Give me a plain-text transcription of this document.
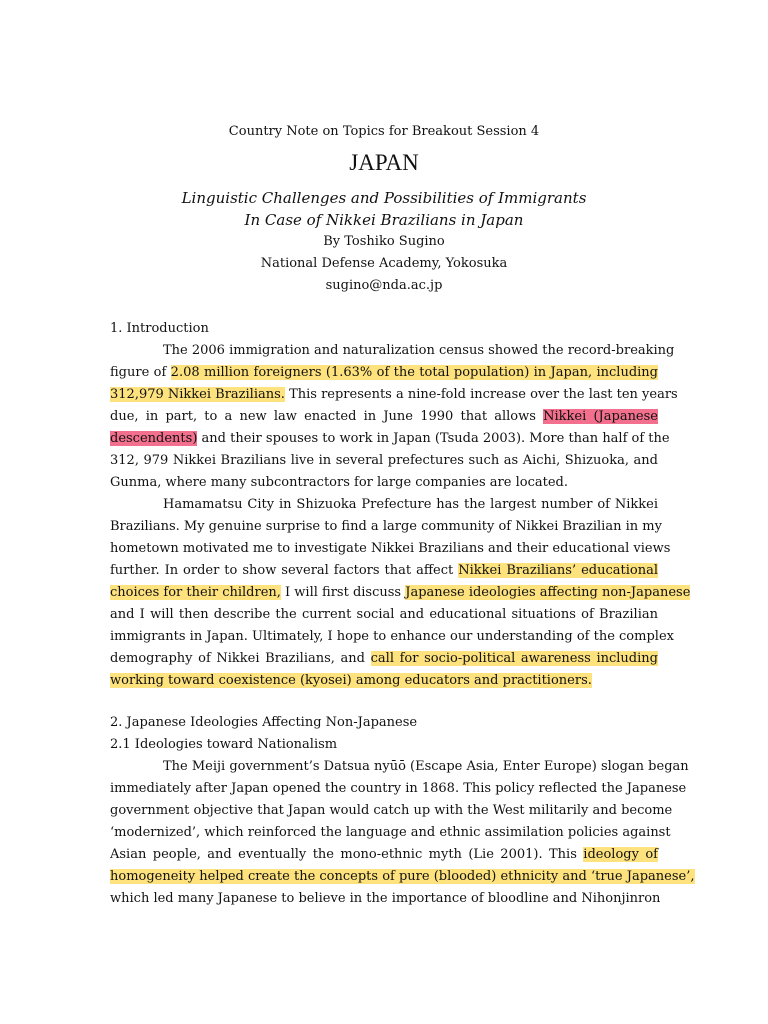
Country Note on Topics for Breakout Session 4
JAPAN
Linguistic Challenges and Possibilities of Immigrants
In Case of Nikkei Brazilians in Japan
By Toshiko Sugino
National Defense Academy, Yokosuka
sugino@nda.ac.jp
1. Introduction
The 2006 immigration and naturalization census showed the record-breaking
figure of 2.08 million foreigners (1.63% of the total population) in Japan, including
312,979 Nikkei Brazilians. This represents a nine-fold increase over the last ten years
due, in part, to a new law enacted in June 1990 that allows Nikkei (Japanese
descendents) and their spouses to work in Japan (Tsuda 2003). More than half of the
312, 979 Nikkei Brazilians live in several prefectures such as Aichi, Shizuoka, and
Gunma, where many subcontractors for large companies are located.
Hamamatsu City in Shizuoka Prefecture has the largest number of Nikkei
Brazilians. My genuine surprise to find a large community of Nikkei Brazilian in my
hometown motivated me to investigate Nikkei Brazilians and their educational views
further. In order to show several factors that affect Nikkei Brazilians’ educational
choices for their children, I will first discuss Japanese ideologies affecting non-Japanese
and I will then describe the current social and educational situations of Brazilian
immigrants in Japan. Ultimately, I hope to enhance our understanding of the complex
demography of Nikkei Brazilians, and call for socio-political awareness including
working toward coexistence (kyosei) among educators and practitioners.
2. Japanese Ideologies Affecting Non-Japanese
2.1 Ideologies toward Nationalism
The Meiji government’s Datsua nyūō (Escape Asia, Enter Europe) slogan began
immediately after Japan opened the country in 1868. This policy reflected the Japanese
government objective that Japan would catch up with the West militarily and become
‘modernized’, which reinforced the language and ethnic assimilation policies against
Asian people, and eventually the mono-ethnic myth (Lie 2001). This ideology of
homogeneity helped create the concepts of pure (blooded) ethnicity and ‘true Japanese’,
which led many Japanese to believe in the importance of bloodline and Nihonjinron
